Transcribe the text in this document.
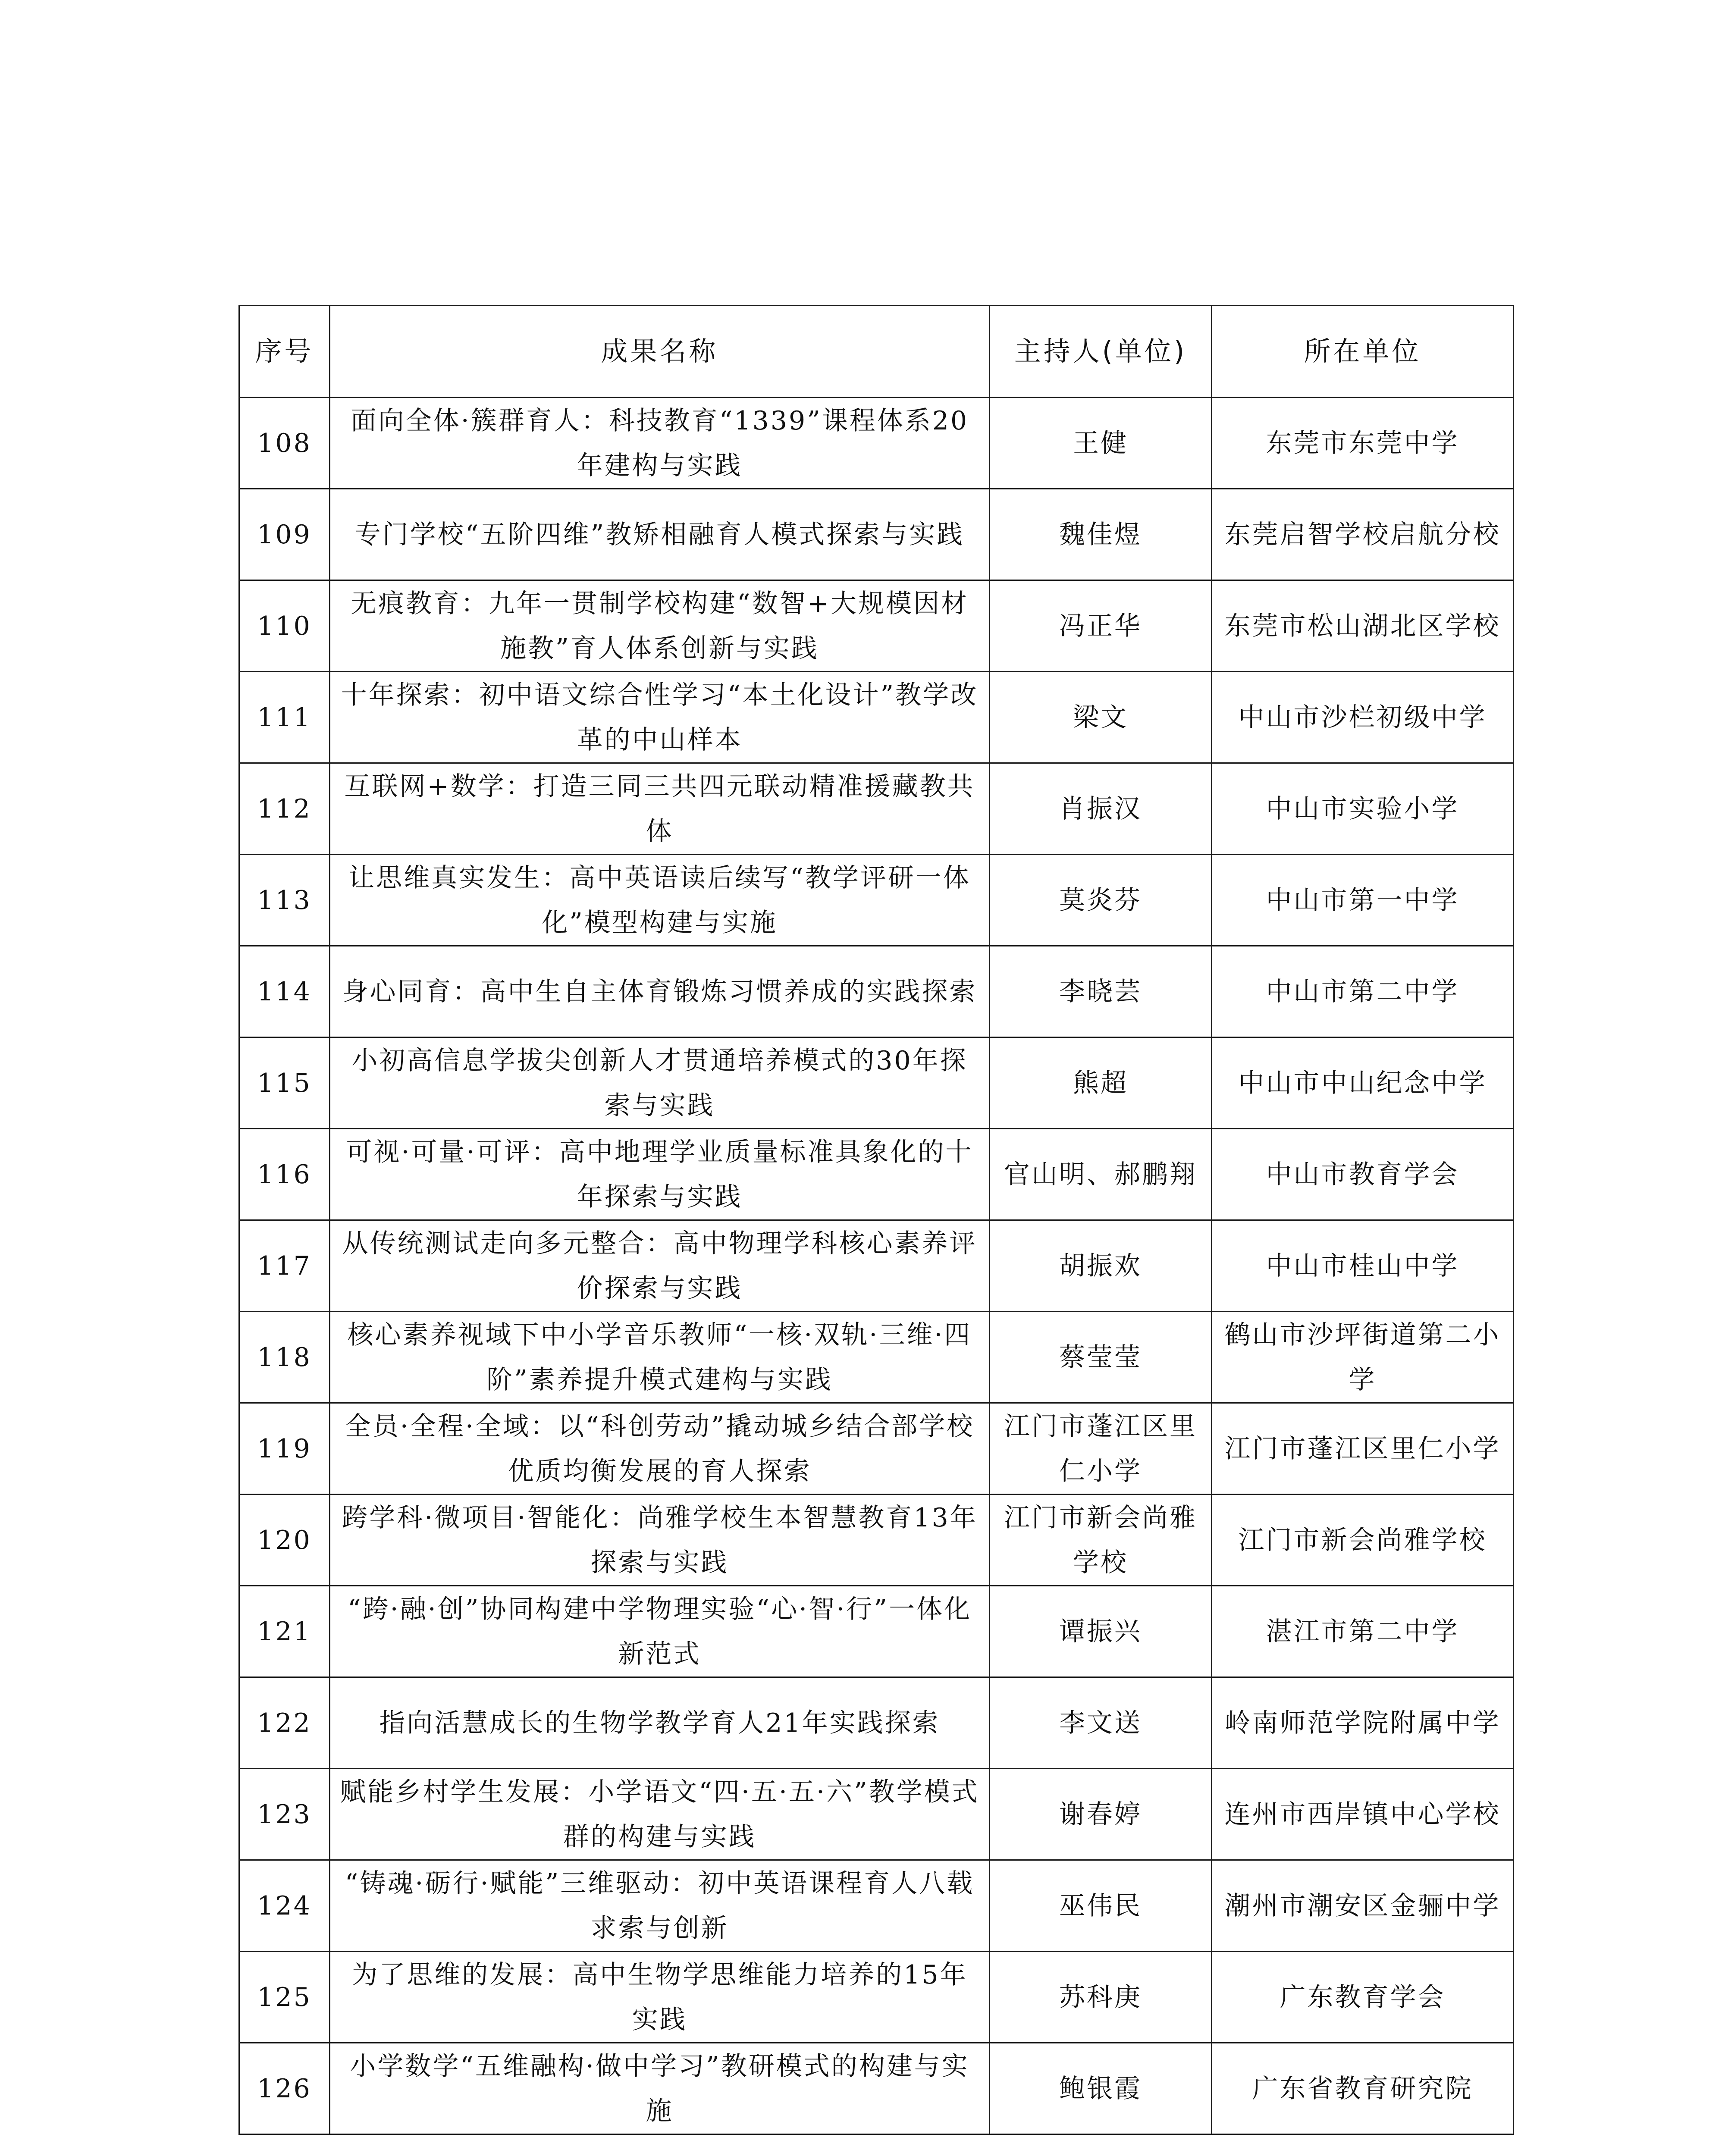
序号	成果名称	主持人(单位)	所在单位
108	面向全体·簇群育人：科技教育“1339”课程体系20年建构与实践	王健	东莞市东莞中学
109	专门学校“五阶四维”教矫相融育人模式探索与实践	魏佳煜	东莞启智学校启航分校
110	无痕教育：九年一贯制学校构建“数智+大规模因材施教”育人体系创新与实践	冯正华	东莞市松山湖北区学校
111	十年探索：初中语文综合性学习“本土化设计”教学改革的中山样本	梁文	中山市沙栏初级中学
112	互联网+数学：打造三同三共四元联动精准援藏教共体	肖振汉	中山市实验小学
113	让思维真实发生：高中英语读后续写“教学评研一体化”模型构建与实施	莫炎芬	中山市第一中学
114	身心同育：高中生自主体育锻炼习惯养成的实践探索	李晓芸	中山市第二中学
115	小初高信息学拔尖创新人才贯通培养模式的30年探索与实践	熊超	中山市中山纪念中学
116	可视·可量·可评：高中地理学业质量标准具象化的十年探索与实践	官山明、郝鹏翔	中山市教育学会
117	从传统测试走向多元整合：高中物理学科核心素养评价探索与实践	胡振欢	中山市桂山中学
118	核心素养视域下中小学音乐教师“一核·双轨·三维·四阶”素养提升模式建构与实践	蔡莹莹	鹤山市沙坪街道第二小学
119	全员·全程·全域：以“科创劳动”撬动城乡结合部学校优质均衡发展的育人探索	江门市蓬江区里仁小学	江门市蓬江区里仁小学
120	跨学科·微项目·智能化：尚雅学校生本智慧教育13年探索与实践	江门市新会尚雅学校	江门市新会尚雅学校
121	“跨·融·创”协同构建中学物理实验“心·智·行”一体化新范式	谭振兴	湛江市第二中学
122	指向活慧成长的生物学教学育人21年实践探索	李文送	岭南师范学院附属中学
123	赋能乡村学生发展：小学语文“四·五·五·六”教学模式群的构建与实践	谢春婷	连州市西岸镇中心学校
124	“铸魂·砺行·赋能”三维驱动：初中英语课程育人八载求索与创新	巫伟民	潮州市潮安区金骊中学
125	为了思维的发展：高中生物学思维能力培养的15年实践	苏科庚	广东教育学会
126	小学数学“五维融构·做中学习”教研模式的构建与实施	鲍银霞	广东省教育研究院
